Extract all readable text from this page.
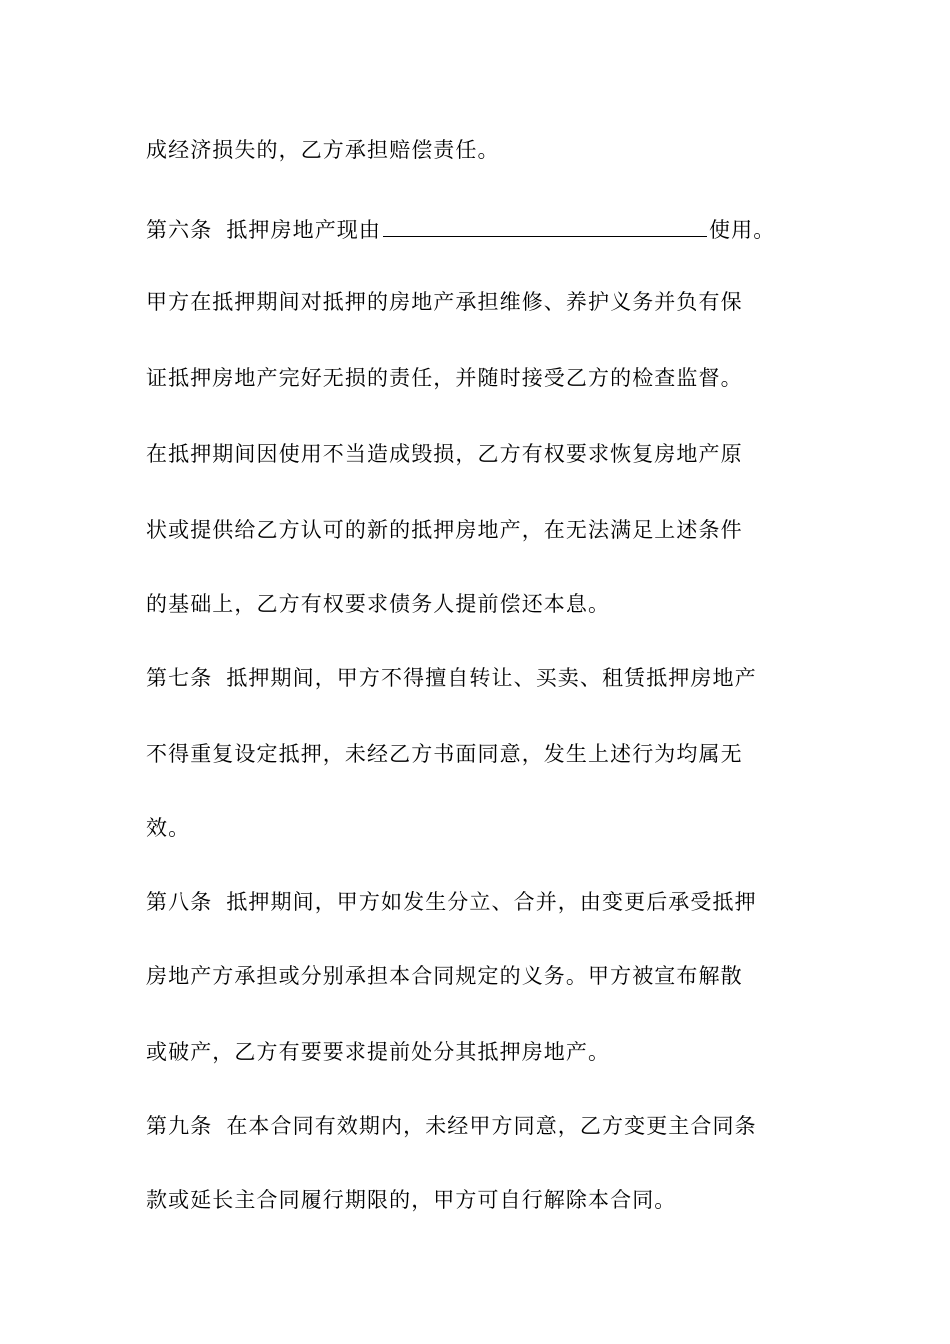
成经济损失的，乙方承担赔偿责任。
第六条 抵押房地产现由	使用。
甲方在抵押期间对抵押的房地产承担维修、养护义务并负有保
证抵押房地产完好无损的责任，并随时接受乙方的检查监督。
在抵押期间因使用不当造成毁损，乙方有权要求恢复房地产原
状或提供给乙方认可的新的抵押房地产，在无法满足上述条件
的基础上，乙方有权要求债务人提前偿还本息。
第七条 抵押期间，甲方不得擅自转让、买卖、租赁抵押房地产
不得重复设定抵押，未经乙方书面同意，发生上述行为均属无
效。
第八条 抵押期间，甲方如发生分立、合并，由变更后承受抵押
房地产方承担或分别承担本合同规定的义务。甲方被宣布解散
或破产，乙方有要要求提前处分其抵押房地产。
第九条 在本合同有效期内，未经甲方同意，乙方变更主合同条
款或延长主合同履行期限的，甲方可自行解除本合同。
